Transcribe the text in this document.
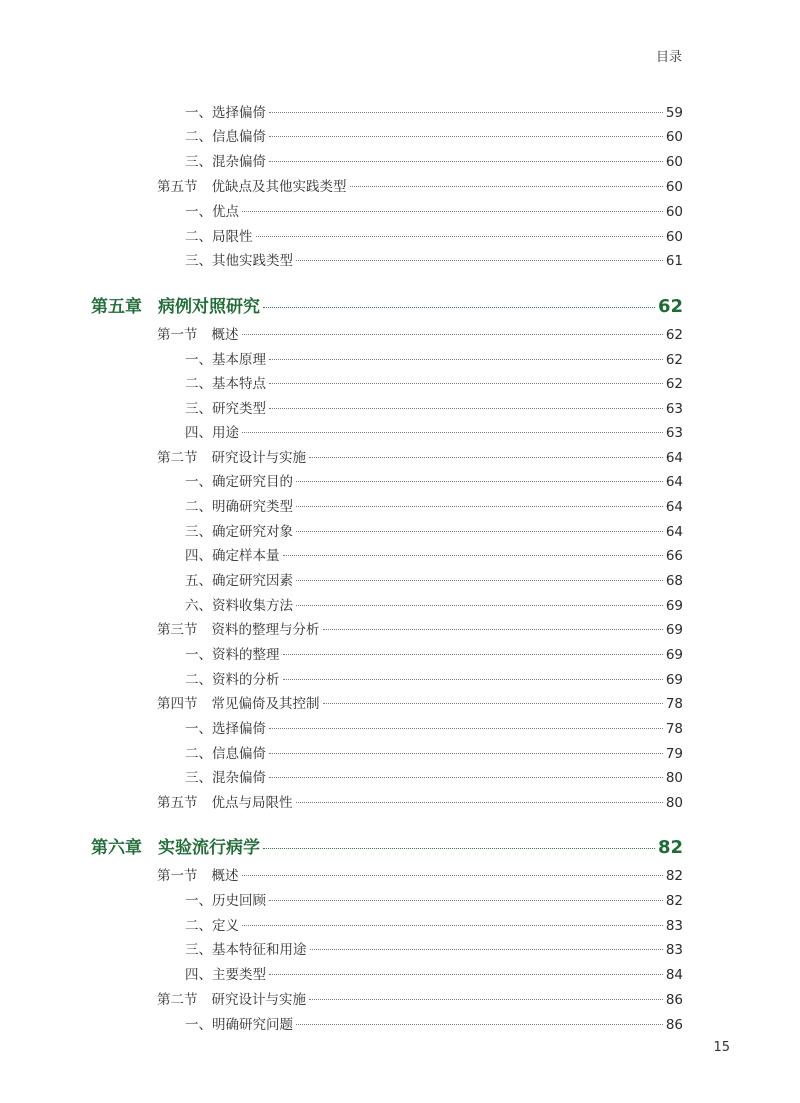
目录
一、选择偏倚	59
二、信息偏倚	60
三、混杂偏倚	60
第五节 优缺点及其他实践类型	60
一、优点	60
二、局限性	60
三、其他实践类型	61
第五章 病例对照研究	62
第一节 概述	62
一、基本原理	62
二、基本特点	62
三、研究类型	63
四、用途	63
第二节 研究设计与实施	64
一、确定研究目的	64
二、明确研究类型	64
三、确定研究对象	64
四、确定样本量	66
五、确定研究因素	68
六、资料收集方法	69
第三节 资料的整理与分析	69
一、资料的整理	69
二、资料的分析	69
第四节 常见偏倚及其控制	78
一、选择偏倚	78
二、信息偏倚	79
三、混杂偏倚	80
第五节 优点与局限性	80
第六章 实验流行病学	82
第一节 概述	82
一、历史回顾	82
二、定义	83
三、基本特征和用途	83
四、主要类型	84
第二节 研究设计与实施	86
一、明确研究问题	86
15
